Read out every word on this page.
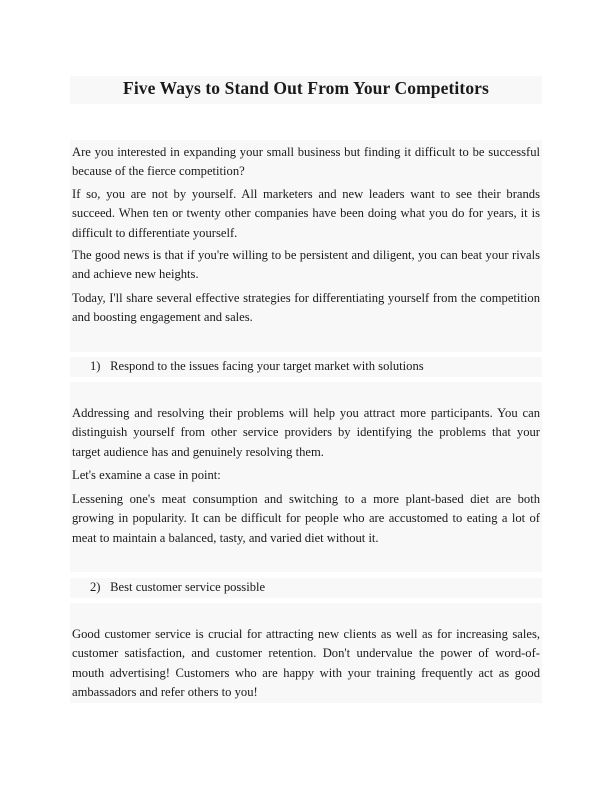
Five Ways to Stand Out From Your Competitors

Are you interested in expanding your small business but finding it difficult to be successful because of the fierce competition?

If so, you are not by yourself. All marketers and new leaders want to see their brands succeed. When ten or twenty other companies have been doing what you do for years, it is difficult to differentiate yourself.

The good news is that if you're willing to be persistent and diligent, you can beat your rivals and achieve new heights.

Today, I'll share several effective strategies for differentiating yourself from the competition and boosting engagement and sales.

1) Respond to the issues facing your target market with solutions

Addressing and resolving their problems will help you attract more participants. You can distinguish yourself from other service providers by identifying the problems that your target audience has and genuinely resolving them.

Let's examine a case in point:

Lessening one's meat consumption and switching to a more plant-based diet are both growing in popularity. It can be difficult for people who are accustomed to eating a lot of meat to maintain a balanced, tasty, and varied diet without it.

2) Best customer service possible

Good customer service is crucial for attracting new clients as well as for increasing sales, customer satisfaction, and customer retention. Don't undervalue the power of word-of-mouth advertising! Customers who are happy with your training frequently act as good ambassadors and refer others to you!
